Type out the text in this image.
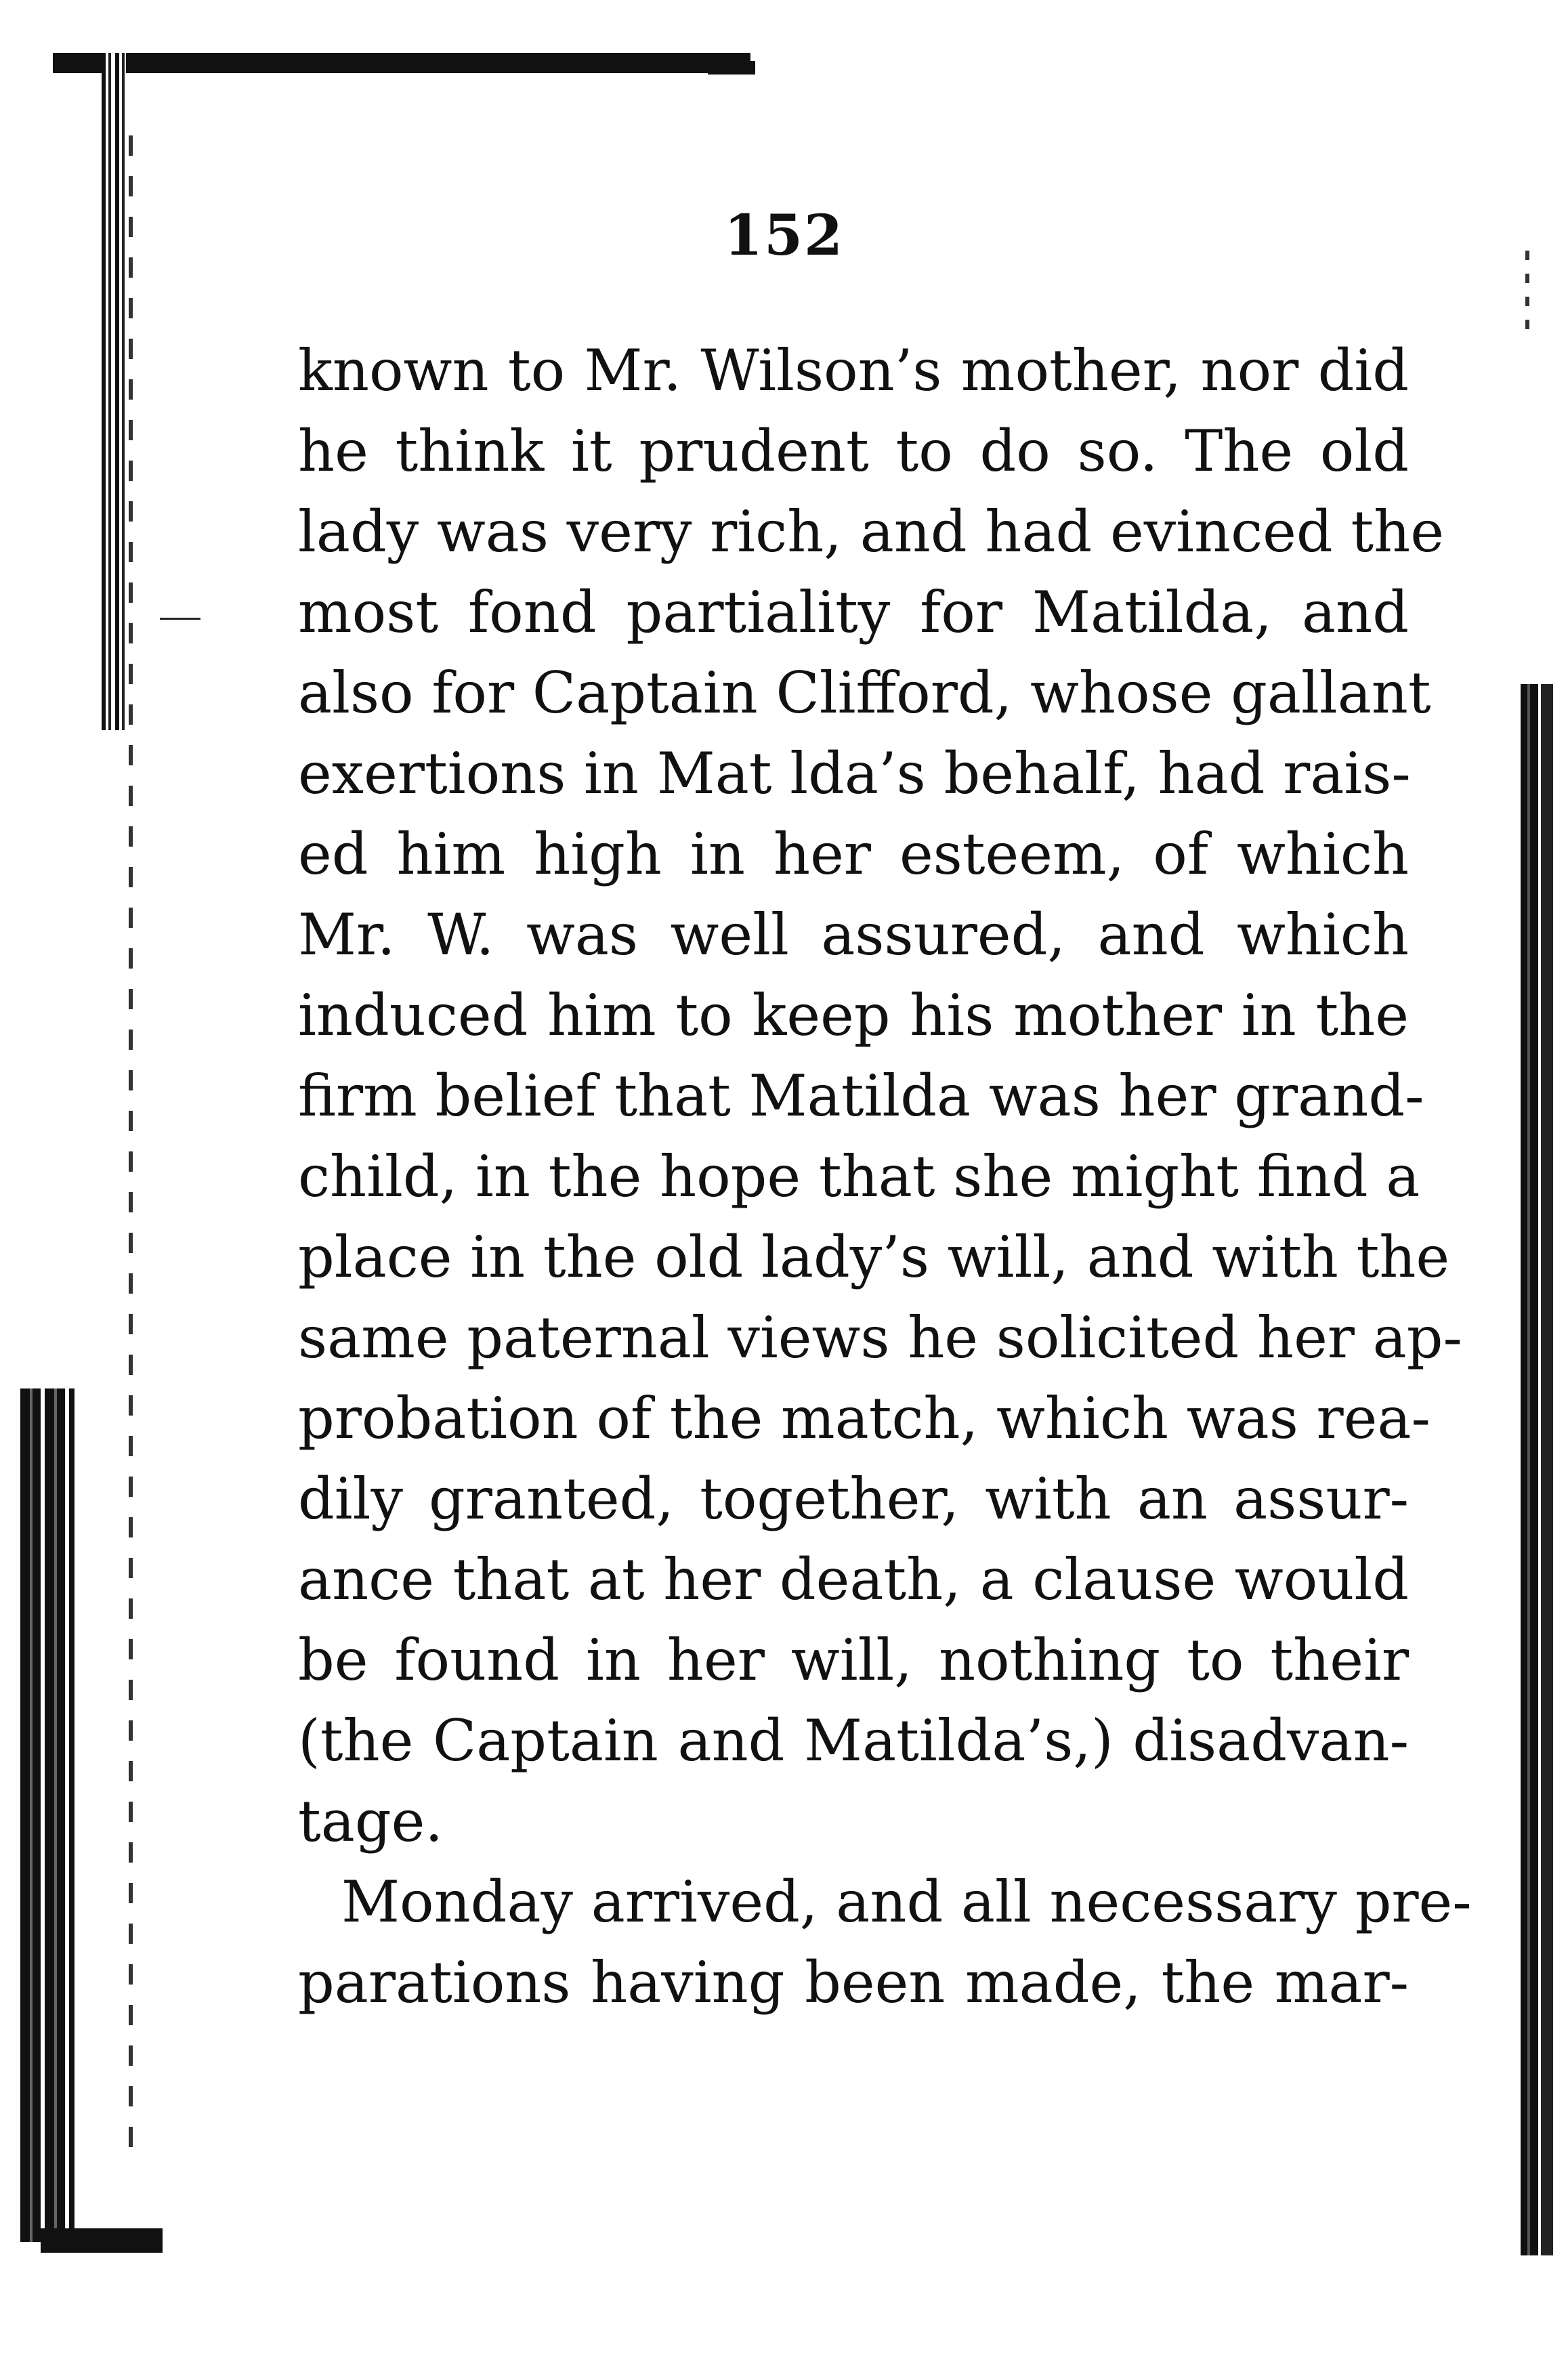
152
known to Mr. Wilson’s mother, nor did
he think it prudent to do so. The old
lady was very rich, and had evinced the
most fond partiality for Matilda, and
also for Captain Clifford, whose gallant
exertions in Mat lda’s behalf, had rais-
ed him high in her esteem, of which
Mr. W. was well assured, and which
induced him to keep his mother in the
firm belief that Matilda was her grand-
child, in the hope that she might find a
place in the old lady’s will, and with the
same paternal views he solicited her ap-
probation of the match, which was rea-
dily granted, together, with an assur-
ance that at her death, a clause would
be found in her will, nothing to their
(the Captain and Matilda’s,) disadvan-
tage.
Monday arrived, and all necessary pre-
parations having been made, the mar-
